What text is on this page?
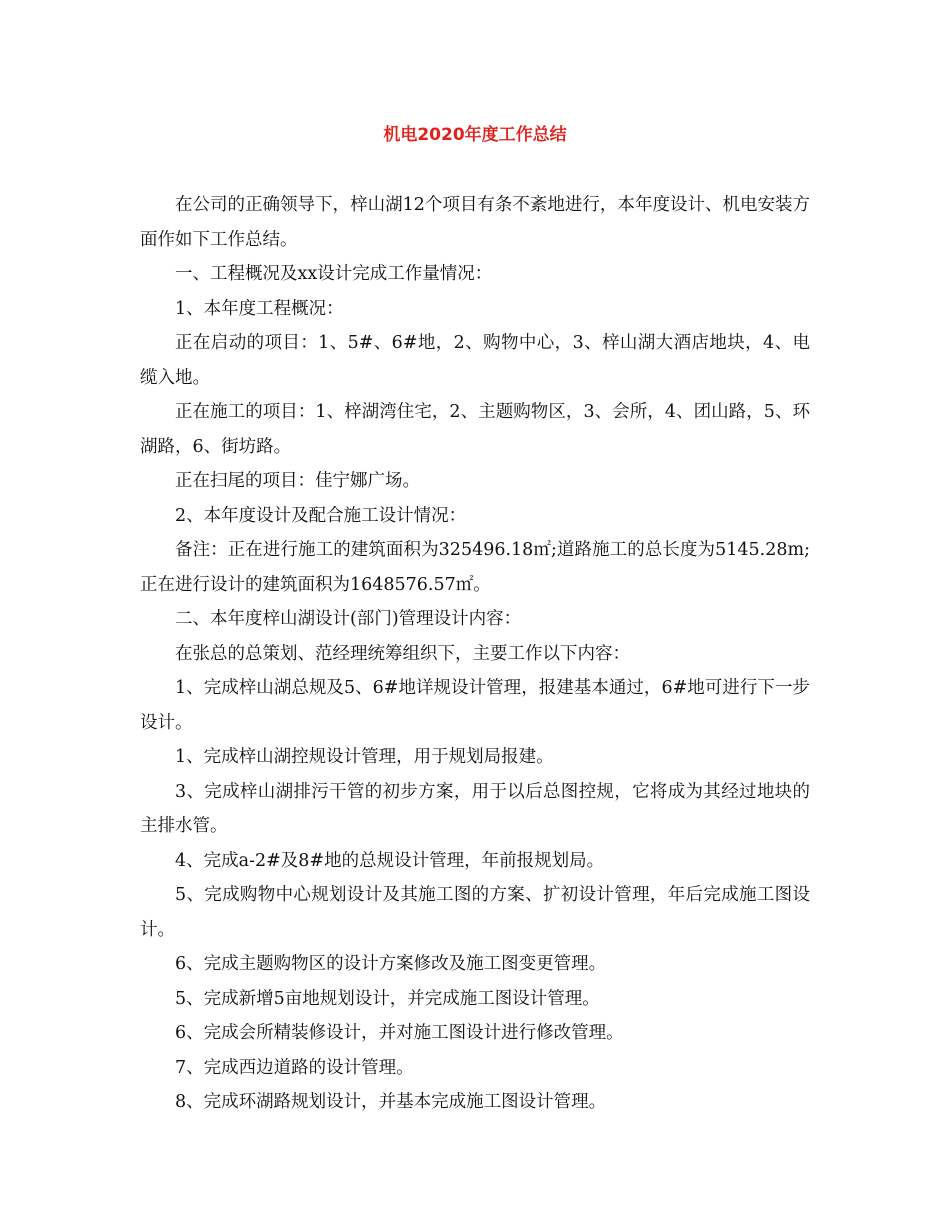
机电2020年度工作总结

在公司的正确领导下，梓山湖12个项目有条不紊地进行，本年度设计、机电安装方面作如下工作总结。

一、工程概况及xx设计完成工作量情况：

1、本年度工程概况：

正在启动的项目：1、5#、6#地，2、购物中心，3、梓山湖大酒店地块，4、电缆入地。

正在施工的项目：1、梓湖湾住宅，2、主题购物区，3、会所，4、团山路，5、环湖路，6、街坊路。

正在扫尾的项目：佳宁娜广场。

2、本年度设计及配合施工设计情况：

备注：正在进行施工的建筑面积为325496.18㎡;道路施工的总长度为5145.28m;正在进行设计的建筑面积为1648576.57㎡。

二、本年度梓山湖设计(部门)管理设计内容：

在张总的总策划、范经理统筹组织下，主要工作以下内容：

1、完成梓山湖总规及5、6#地详规设计管理，报建基本通过，6#地可进行下一步设计。

1、完成梓山湖控规设计管理，用于规划局报建。

3、完成梓山湖排污干管的初步方案，用于以后总图控规，它将成为其经过地块的主排水管。

4、完成a-2#及8#地的总规设计管理，年前报规划局。

5、完成购物中心规划设计及其施工图的方案、扩初设计管理，年后完成施工图设计。

6、完成主题购物区的设计方案修改及施工图变更管理。

5、完成新增5亩地规划设计，并完成施工图设计管理。

6、完成会所精装修设计，并对施工图设计进行修改管理。

7、完成西边道路的设计管理。

8、完成环湖路规划设计，并基本完成施工图设计管理。
